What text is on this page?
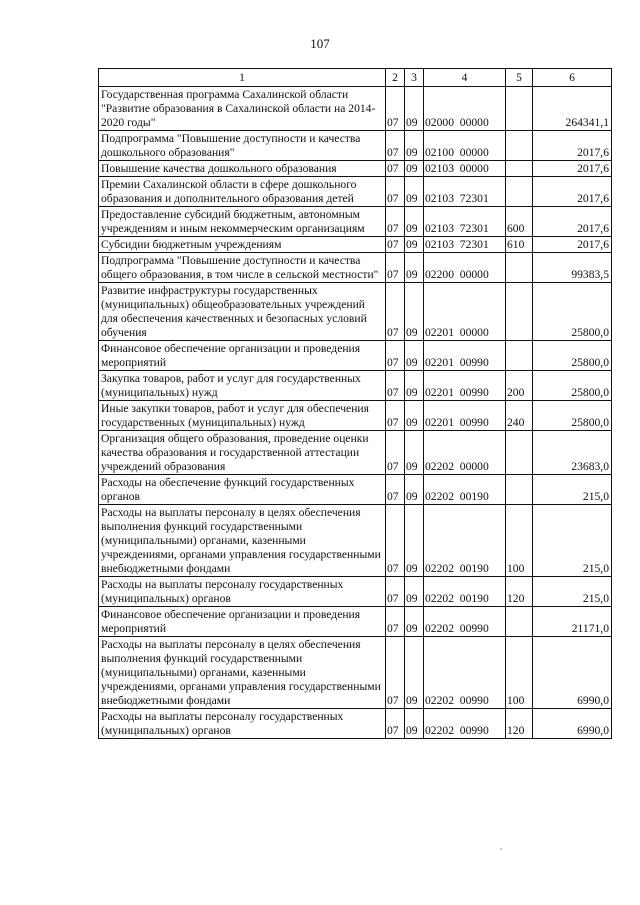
107
1	2	3	4	5	6
Государственная программа Сахалинской области "Развитие образования в Сахалинской области на 2014-2020 годы"	07	09	02000  00000		264341,1
Подпрограмма "Повышение доступности и качества дошкольного образования"	07	09	02100  00000		2017,6
Повышение качества дошкольного образования	07	09	02103  00000		2017,6
Премии Сахалинской области в сфере дошкольного образования и дополнительного образования детей	07	09	02103  72301		2017,6
Предоставление субсидий бюджетным, автономным учреждениям и иным некоммерческим организациям	07	09	02103  72301	600	2017,6
Субсидии бюджетным учреждениям	07	09	02103  72301	610	2017,6
Подпрограмма "Повышение доступности и качества общего образования, в том числе в сельской местности"	07	09	02200  00000		99383,5
Развитие инфраструктуры государственных (муниципальных) общеобразовательных учреждений для обеспечения качественных и безопасных условий обучения	07	09	02201  00000		25800,0
Финансовое обеспечение организации и проведения мероприятий	07	09	02201  00990		25800,0
Закупка товаров, работ и услуг для государственных (муниципальных) нужд	07	09	02201  00990	200	25800,0
Иные закупки товаров, работ и услуг для обеспечения государственных (муниципальных) нужд	07	09	02201  00990	240	25800,0
Организация общего образования, проведение оценки качества образования и государственной аттестации учреждений образования	07	09	02202  00000		23683,0
Расходы на обеспечение функций государственных органов	07	09	02202  00190		215,0
Расходы на выплаты персоналу в целях обеспечения выполнения функций государственными (муниципальными) органами, казенными учреждениями, органами управления государственными внебюджетными фондами	07	09	02202  00190	100	215,0
Расходы на выплаты персоналу государственных (муниципальных) органов	07	09	02202  00190	120	215,0
Финансовое обеспечение организации и проведения мероприятий	07	09	02202  00990		21171,0
Расходы на выплаты персоналу в целях обеспечения выполнения функций государственными (муниципальными) органами, казенными учреждениями, органами управления государственными внебюджетными фондами	07	09	02202  00990	100	6990,0
Расходы на выплаты персоналу государственных (муниципальных) органов	07	09	02202  00990	120	6990,0
